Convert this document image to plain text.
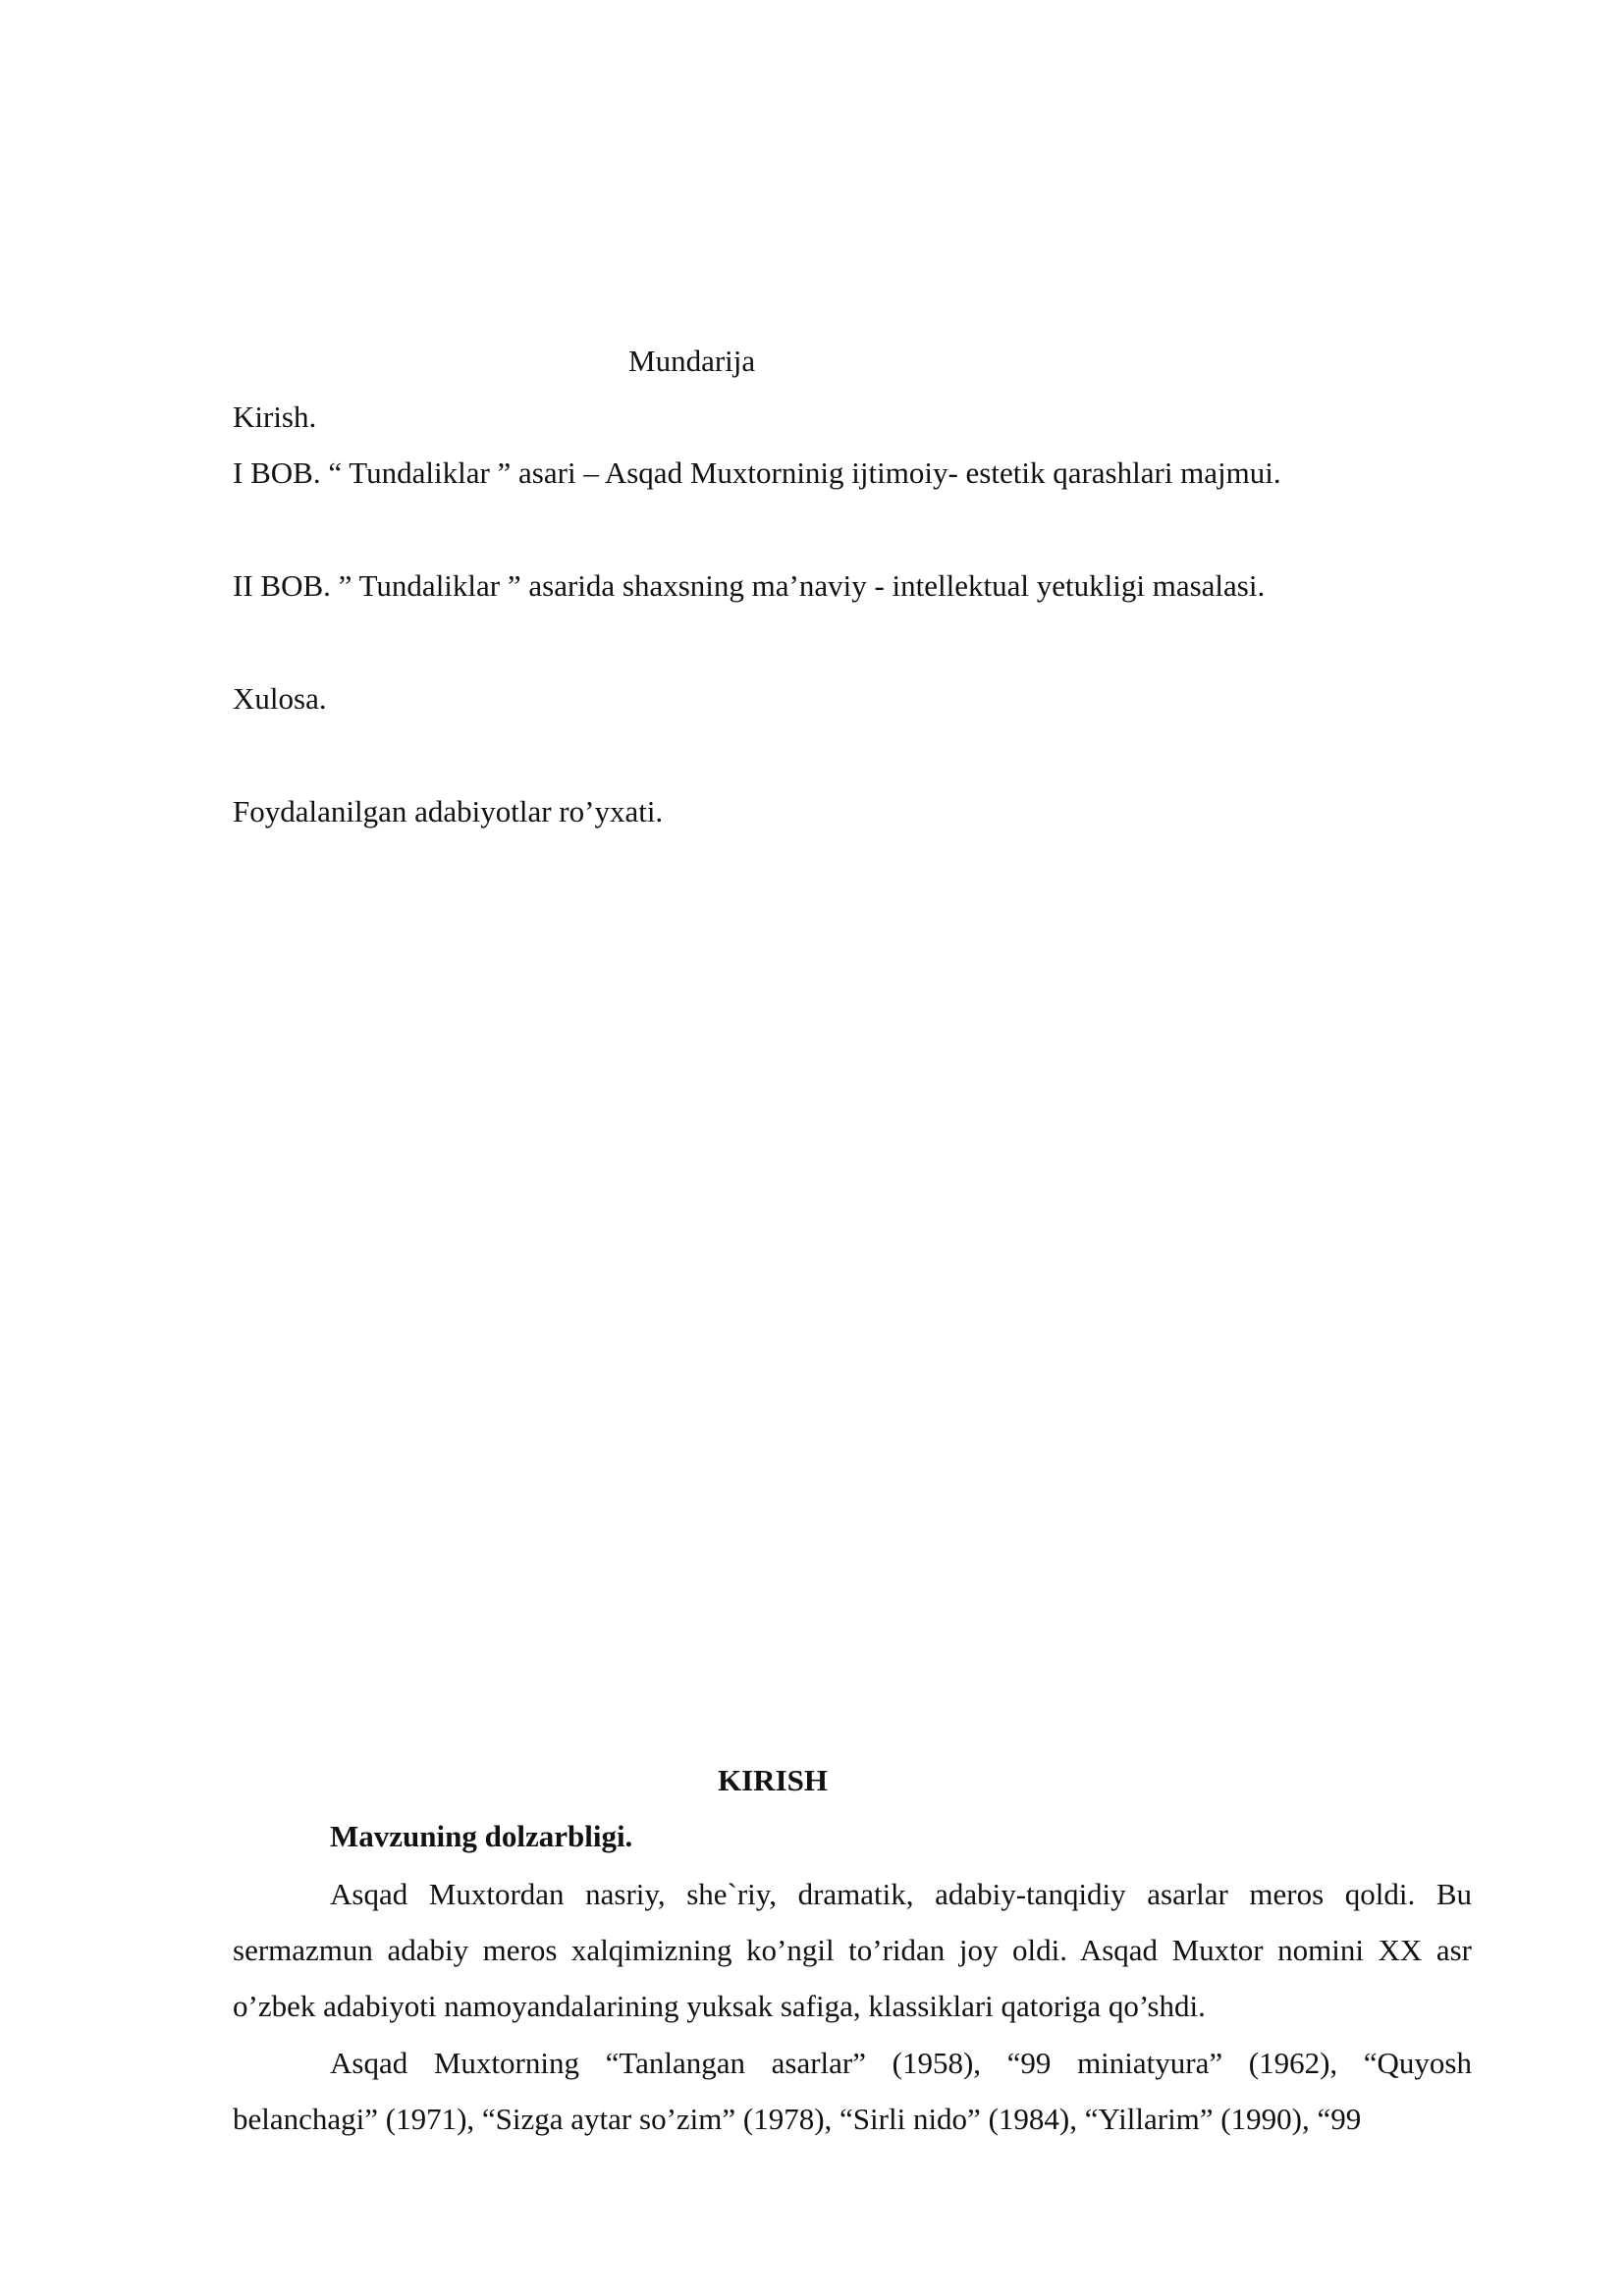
Mundarija
Kirish.
I BOB. “ Tundaliklar ” asari – Asqad Muxtorninig ijtimoiy- estetik qarashlari majmui.
II BOB. ” Tundaliklar ” asarida shaxsning ma’naviy - intellektual yetukligi masalasi.
Xulosa.
Foydalanilgan adabiyotlar ro’yxati.
KIRISH
Mavzuning dolzarbligi.
Asqad Muxtordan nasriy, she`riy, dramatik, adabiy-tanqidiy asarlar meros qoldi. Bu sermazmun adabiy meros xalqimizning ko’ngil to’ridan joy oldi. Asqad Muxtor nomini XX asr o’zbek adabiyoti namoyandalarining yuksak safiga, klassiklari qatoriga qo’shdi.
Asqad Muxtorning “Tanlangan asarlar” (1958), “99 miniatyura” (1962), “Quyosh belanchagi” (1971), “Sizga aytar so’zim” (1978), “Sirli nido” (1984), “Yillarim” (1990), “99
